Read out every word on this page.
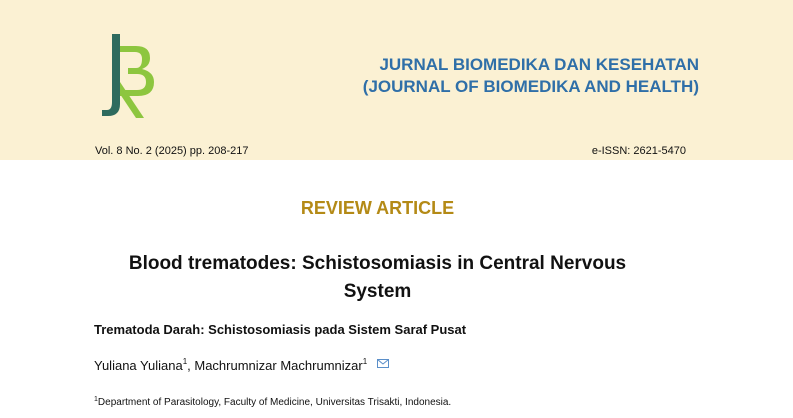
JURNAL BIOMEDIKA DAN KESEHATAN
(JOURNAL OF BIOMEDIKA AND HEALTH)
Vol. 8 No. 2 (2025) pp. 208-217	e-ISSN: 2621-5470
REVIEW ARTICLE
Blood trematodes: Schistosomiasis in Central Nervous System
Trematoda Darah: Schistosomiasis pada Sistem Saraf Pusat
Yuliana Yuliana$^1$, Machrumnizar Machrumnizar$^1$
$^1$Department of Parasitology, Faculty of Medicine, Universitas Trisakti, Indonesia.
